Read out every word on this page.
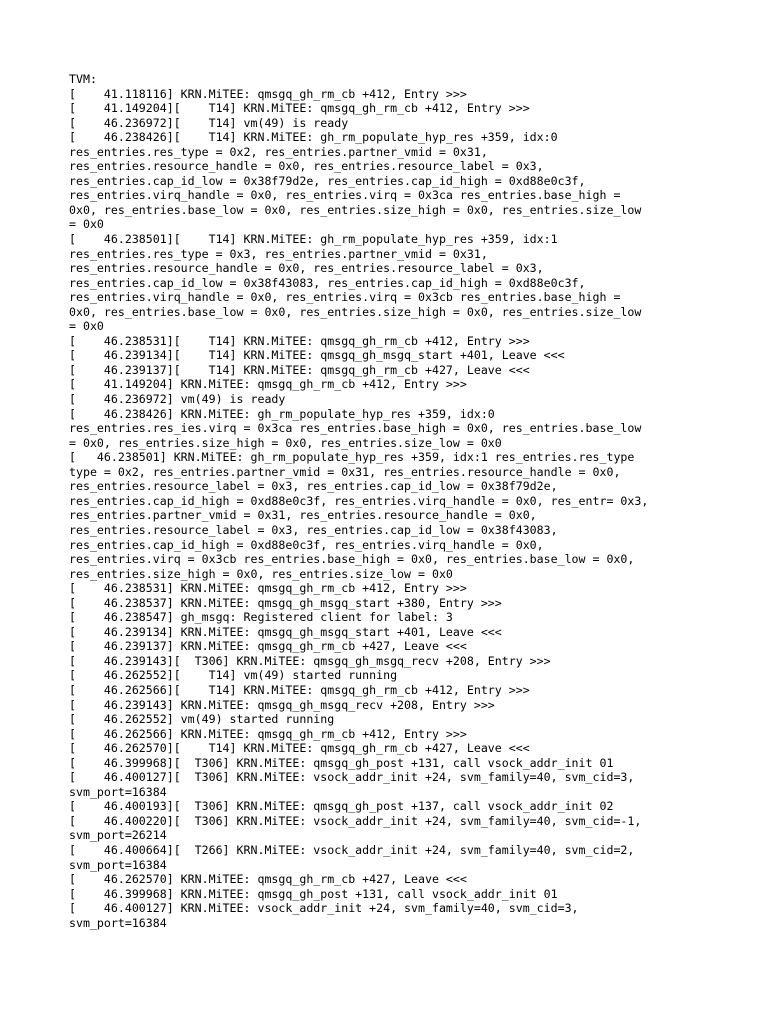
TVM:
[    41.118116] KRN.MiTEE: qmsgq_gh_rm_cb +412, Entry >>>
[    41.149204][    T14] KRN.MiTEE: qmsgq_gh_rm_cb +412, Entry >>>
[    46.236972][    T14] vm(49) is ready
[    46.238426][    T14] KRN.MiTEE: gh_rm_populate_hyp_res +359, idx:0
res_entries.res_type = 0x2, res_entries.partner_vmid = 0x31,
res_entries.resource_handle = 0x0, res_entries.resource_label = 0x3,
res_entries.cap_id_low = 0x38f79d2e, res_entries.cap_id_high = 0xd88e0c3f,
res_entries.virq_handle = 0x0, res_entries.virq = 0x3ca res_entries.base_high =
0x0, res_entries.base_low = 0x0, res_entries.size_high = 0x0, res_entries.size_low
= 0x0
[    46.238501][    T14] KRN.MiTEE: gh_rm_populate_hyp_res +359, idx:1
res_entries.res_type = 0x3, res_entries.partner_vmid = 0x31,
res_entries.resource_handle = 0x0, res_entries.resource_label = 0x3,
res_entries.cap_id_low = 0x38f43083, res_entries.cap_id_high = 0xd88e0c3f,
res_entries.virq_handle = 0x0, res_entries.virq = 0x3cb res_entries.base_high =
0x0, res_entries.base_low = 0x0, res_entries.size_high = 0x0, res_entries.size_low
= 0x0
[    46.238531][    T14] KRN.MiTEE: qmsgq_gh_rm_cb +412, Entry >>>
[    46.239134][    T14] KRN.MiTEE: qmsgq_gh_msgq_start +401, Leave <<<
[    46.239137][    T14] KRN.MiTEE: qmsgq_gh_rm_cb +427, Leave <<<
[    41.149204] KRN.MiTEE: qmsgq_gh_rm_cb +412, Entry >>>
[    46.236972] vm(49) is ready
[    46.238426] KRN.MiTEE: gh_rm_populate_hyp_res +359, idx:0
res_entries.res_ies.virq = 0x3ca res_entries.base_high = 0x0, res_entries.base_low
= 0x0, res_entries.size_high = 0x0, res_entries.size_low = 0x0
[   46.238501] KRN.MiTEE: gh_rm_populate_hyp_res +359, idx:1 res_entries.res_type
type = 0x2, res_entries.partner_vmid = 0x31, res_entries.resource_handle = 0x0,
res_entries.resource_label = 0x3, res_entries.cap_id_low = 0x38f79d2e,
res_entries.cap_id_high = 0xd88e0c3f, res_entries.virq_handle = 0x0, res_entr= 0x3,
res_entries.partner_vmid = 0x31, res_entries.resource_handle = 0x0,
res_entries.resource_label = 0x3, res_entries.cap_id_low = 0x38f43083,
res_entries.cap_id_high = 0xd88e0c3f, res_entries.virq_handle = 0x0,
res_entries.virq = 0x3cb res_entries.base_high = 0x0, res_entries.base_low = 0x0,
res_entries.size_high = 0x0, res_entries.size_low = 0x0
[    46.238531] KRN.MiTEE: qmsgq_gh_rm_cb +412, Entry >>>
[    46.238537] KRN.MiTEE: qmsgq_gh_msgq_start +380, Entry >>>
[    46.238547] gh_msgq: Registered client for label: 3
[    46.239134] KRN.MiTEE: qmsgq_gh_msgq_start +401, Leave <<<
[    46.239137] KRN.MiTEE: qmsgq_gh_rm_cb +427, Leave <<<
[    46.239143][  T306] KRN.MiTEE: qmsgq_gh_msgq_recv +208, Entry >>>
[    46.262552][    T14] vm(49) started running
[    46.262566][    T14] KRN.MiTEE: qmsgq_gh_rm_cb +412, Entry >>>
[    46.239143] KRN.MiTEE: qmsgq_gh_msgq_recv +208, Entry >>>
[    46.262552] vm(49) started running
[    46.262566] KRN.MiTEE: qmsgq_gh_rm_cb +412, Entry >>>
[    46.262570][    T14] KRN.MiTEE: qmsgq_gh_rm_cb +427, Leave <<<
[    46.399968][  T306] KRN.MiTEE: qmsgq_gh_post +131, call vsock_addr_init 01
[    46.400127][  T306] KRN.MiTEE: vsock_addr_init +24, svm_family=40, svm_cid=3,
svm_port=16384
[    46.400193][  T306] KRN.MiTEE: qmsgq_gh_post +137, call vsock_addr_init 02
[    46.400220][  T306] KRN.MiTEE: vsock_addr_init +24, svm_family=40, svm_cid=-1,
svm_port=26214
[    46.400664][  T266] KRN.MiTEE: vsock_addr_init +24, svm_family=40, svm_cid=2,
svm_port=16384
[    46.262570] KRN.MiTEE: qmsgq_gh_rm_cb +427, Leave <<<
[    46.399968] KRN.MiTEE: qmsgq_gh_post +131, call vsock_addr_init 01
[    46.400127] KRN.MiTEE: vsock_addr_init +24, svm_family=40, svm_cid=3,
svm_port=16384
